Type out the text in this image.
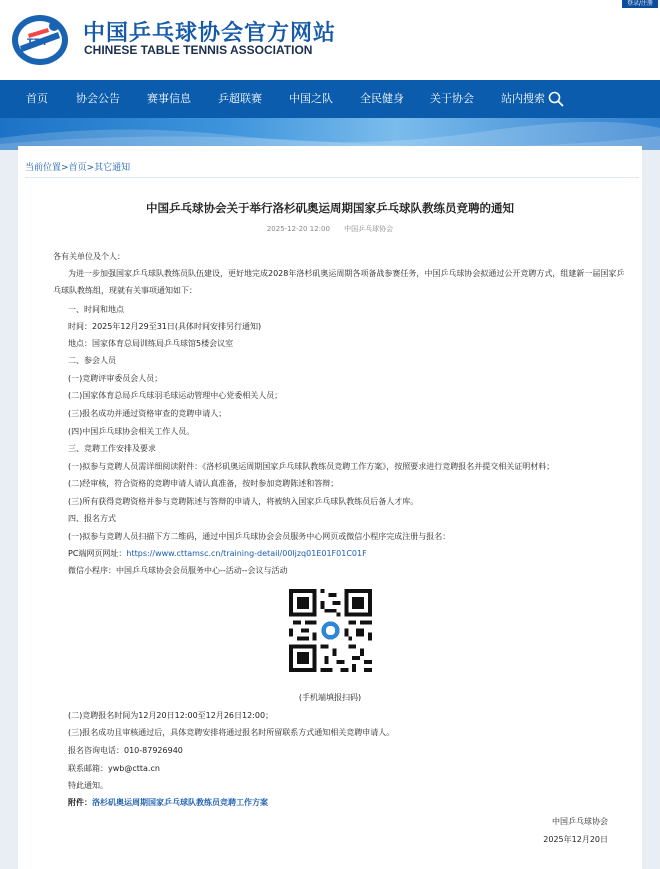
登录/注册
TTA 中国乒乓球协会官方网站
CHINESE TABLE TENNIS ASSOCIATION
首页	协会公告 赛事信息 乒超联赛 中国之队 全民健身 关于协会 站内搜索
当前位置>首页>其它通知
中国乒乓球协会关于举行洛杉矶奥运周期国家乒乓球队教练员竞聘的通知
2025-12-20 12:00 中国乒乓球协会
各有关单位及个人：
为进一步加强国家乒乓球队教练员队伍建设，更好地完成2028年洛杉矶奥运周期各项备战参赛任务，中国乒乓球协会拟通过公开竞聘方式，组建新一届国家乒
乓球队教练组，现就有关事项通知如下：
一、时间和地点
时间：2025年12月29至31日(具体时间安排另行通知)
地点：国家体育总局训练局乒乓球馆5楼会议室
二、参会人员
(一)竞聘评审委员会人员；
(二)国家体育总局乒乓球羽毛球运动管理中心党委相关人员；
(三)报名成功并通过资格审查的竞聘申请人；
(四)中国乒乓球协会相关工作人员。
三、竞聘工作安排及要求
(一)拟参与竞聘人员需详细阅读附件：《洛杉矶奥运周期国家乒乓球队教练员竞聘工作方案》，按照要求进行竞聘报名并提交相关证明材料；
(二)经审核，符合资格的竞聘申请人请认真准备，按时参加竞聘陈述和答辩；
(三)所有获得竞聘资格并参与竞聘陈述与答辩的申请人，将被纳入国家乒乓球队教练员后备人才库。
四、报名方式
(一)拟参与竞聘人员扫描下方二维码，通过中国乒乓球协会会员服务中心网页或微信小程序完成注册与报名：
PC端网页网址：https://www.cttamsc.cn/training-detail/00ljzq01E01F01C01F
微信小程序：中国乒乓球协会会员服务中心--活动--会议与活动
(手机端填报扫码)
(二)竞聘报名时间为12月20日12:00至12月26日12:00；
(三)报名成功且审核通过后，具体竞聘安排将通过报名时所留联系方式通知相关竞聘申请人。
报名咨询电话：010-87926940
联系邮箱：ywb@ctta.cn
特此通知。
附件：洛杉矶奥运周期国家乒乓球队教练员竞聘工作方案
中国乒乓球协会
2025年12月20日
